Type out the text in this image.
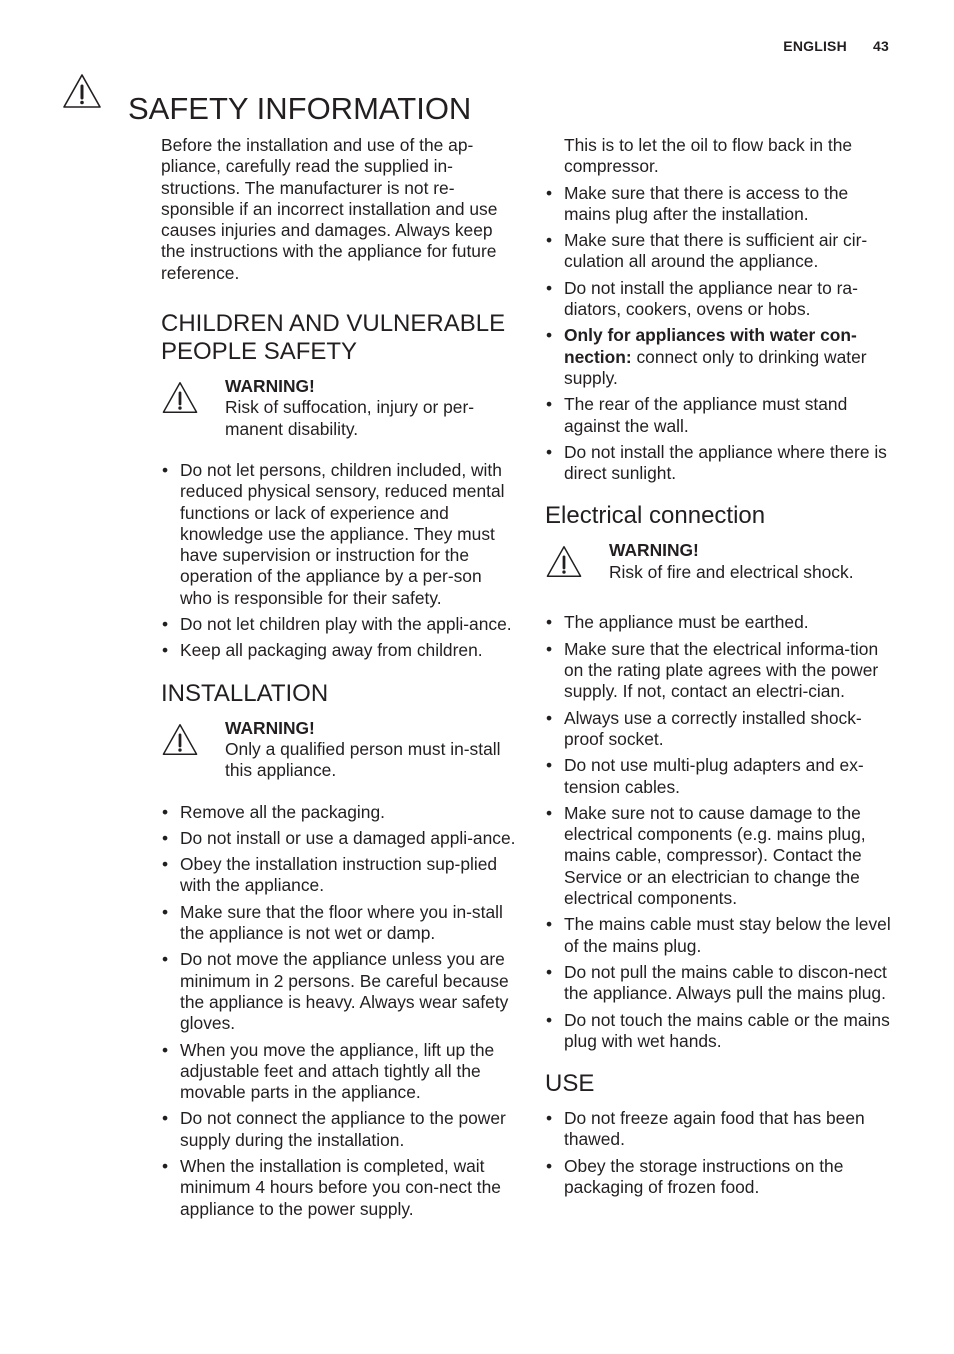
ENGLISH 43
SAFETY INFORMATION

Before the installation and use of the ap-pliance, carefully read the supplied in-structions. The manufacturer is not re-sponsible if an incorrect installation and use causes injuries and damages. Always keep the instructions with the appliance for future reference.

CHILDREN AND VULNERABLE PEOPLE SAFETY
WARNING!
Risk of suffocation, injury or per-manent disability.
• Do not let persons, children included, with reduced physical sensory, reduced mental functions or lack of experience and knowledge use the appliance. They must have supervision or instruction for the operation of the appliance by a per-son who is responsible for their safety.
• Do not let children play with the appli-ance.
• Keep all packaging away from children.
INSTALLATION
WARNING!
Only a qualified person must in-stall this appliance.
• Remove all the packaging.
• Do not install or use a damaged appli-ance.
• Obey the installation instruction sup-plied with the appliance.
• Make sure that the floor where you in-stall the appliance is not wet or damp.
• Do not move the appliance unless you are minimum in 2 persons. Be careful because the appliance is heavy. Always wear safety gloves.
• When you move the appliance, lift up the adjustable feet and attach tightly all the movable parts in the appliance.
• Do not connect the appliance to the power supply during the installation.
• When the installation is completed, wait minimum 4 hours before you con-nect the appliance to the power supply.
This is to let the oil to flow back in the compressor.
• Make sure that there is access to the mains plug after the installation.
• Make sure that there is sufficient air cir-culation all around the appliance.
• Do not install the appliance near to ra-diators, cookers, ovens or hobs.
• Only for appliances with water con-nection: connect only to drinking water supply.
• The rear of the appliance must stand against the wall.
• Do not install the appliance where there is direct sunlight.
Electrical connection
WARNING!
Risk of fire and electrical shock.
• The appliance must be earthed.
• Make sure that the electrical informa-tion on the rating plate agrees with the power supply. If not, contact an electri-cian.
• Always use a correctly installed shock-proof socket.
• Do not use multi-plug adapters and ex-tension cables.
• Make sure not to cause damage to the electrical components (e.g. mains plug, mains cable, compressor). Contact the Service or an electrician to change the electrical components.
• The mains cable must stay below the level of the mains plug.
• Do not pull the mains cable to discon-nect the appliance. Always pull the mains plug.
• Do not touch the mains cable or the mains plug with wet hands.
USE
• Do not freeze again food that has been thawed.
• Obey the storage instructions on the packaging of frozen food.
